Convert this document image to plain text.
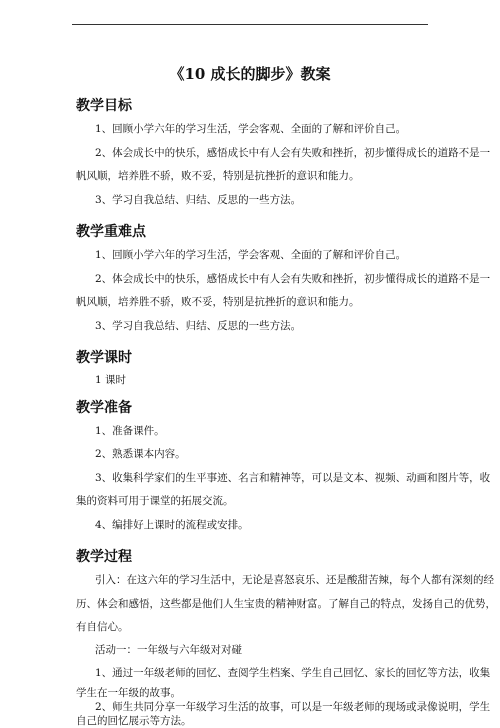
《10 成长的脚步》教案
教学目标
1、回顾小学六年的学习生活，学会客观、全面的了解和评价自己。
2、体会成长中的快乐，感悟成长中有人会有失败和挫折，初步懂得成长的道路不是一
帆风顺，培养胜不骄，败不妥，特别是抗挫折的意识和能力。
3、学习自我总结、归结、反思的一些方法。
教学重难点
1、回顾小学六年的学习生活，学会客观、全面的了解和评价自己。
2、体会成长中的快乐，感悟成长中有人会有失败和挫折，初步懂得成长的道路不是一
帆风顺，培养胜不骄，败不妥，特别是抗挫折的意识和能力。
3、学习自我总结、归结、反思的一些方法。
教学课时
1 课时
教学准备
1、准备课件。
2、熟悉课本内容。
3、收集科学家们的生平事迹、名言和精神等，可以是文本、视频、动画和图片等，收
集的资料可用于课堂的拓展交流。
4、编排好上课时的流程或安排。
教学过程
引入：在这六年的学习生活中，无论是喜怒哀乐、还是酸甜苦辣，每个人都有深刻的经
历、体会和感悟，这些都是他们人生宝贵的精神财富。了解自己的特点，发扬自己的优势，
有自信心。
活动一：一年级与六年级对对碰
1、通过一年级老师的回忆、查阅学生档案、学生自己回忆、家长的回忆等方法，收集
学生在一年级的故事。
2、师生共同分享一年级学习生活的故事，可以是一年级老师的现场或录像说明，学生
自己的回忆展示等方法。
